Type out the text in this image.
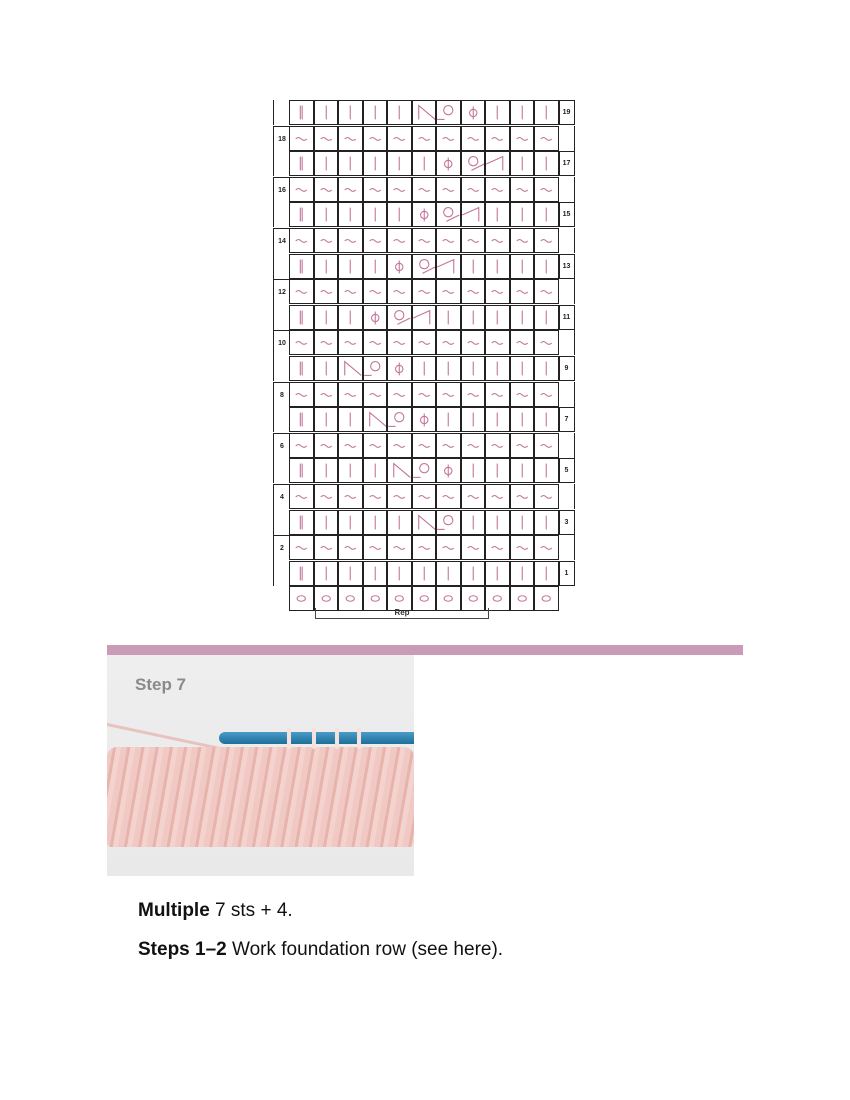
19
18
17
16
15
14
13
12
11
10
9
8
7
6
5
4
3
2
1
Rep
Step 7
Multiple 7 sts + 4.
Steps 1–2 Work foundation row (see here).
